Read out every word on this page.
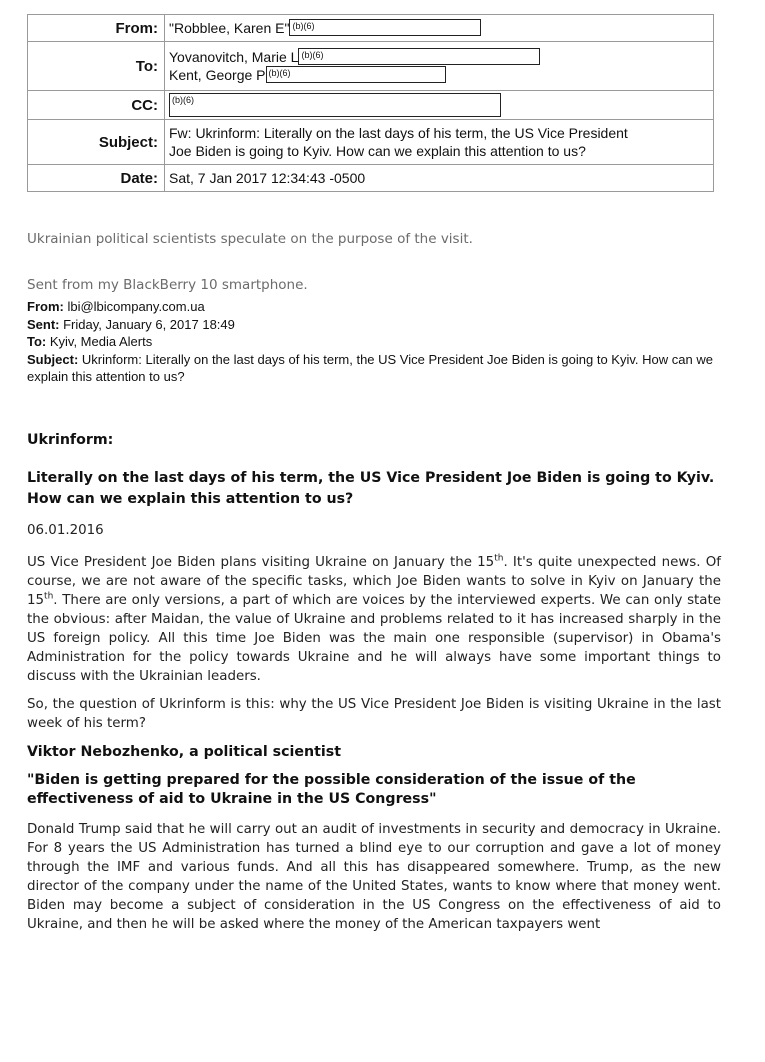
From:	"Robblee, Karen E" (b)(6)
To:	Yovanovitch, Marie L (b)(6)
Kent, George P (b)(6)

CC:	(b)(6)
Subject:	Fw: Ukrinform: Literally on the last days of his term, the US Vice President
Joe Biden is going to Kyiv. How can we explain this attention to us?

Date:	Sat, 7 Jan 2017 12:34:43 -0500
Ukrainian political scientists speculate on the purpose of the visit.
Sent from my BlackBerry 10 smartphone.
From: lbi@lbicompany.com.ua
Sent: Friday, January 6, 2017 18:49
To: Kyiv, Media Alerts
Subject: Ukrinform: Literally on the last days of his term, the US Vice President Joe Biden is going to Kyiv. How can we explain this attention to us?
Ukrinform:
Literally on the last days of his term, the US Vice President Joe Biden is going to Kyiv. How can we explain this attention to us?
06.01.2016

US Vice President Joe Biden plans visiting Ukraine on January the 15th. It's quite unexpected news. Of course, we are not aware of the specific tasks, which Joe Biden wants to solve in Kyiv on January the 15th. There are only versions, a part of which are voices by the interviewed experts. We can only state the obvious: after Maidan, the value of Ukraine and problems related to it has increased sharply in the US foreign policy. All this time Joe Biden was the main one responsible (supervisor) in Obama's Administration for the policy towards Ukraine and he will always have some important things to discuss with the Ukrainian leaders.

So, the question of Ukrinform is this: why the US Vice President Joe Biden is visiting Ukraine in the last week of his term?

Viktor Nebozhenko, a political scientist
"Biden is getting prepared for the possible consideration of the issue of the effectiveness of aid to Ukraine in the US Congress"

Donald Trump said that he will carry out an audit of investments in security and democracy in Ukraine. For 8 years the US Administration has turned a blind eye to our corruption and gave a lot of money through the IMF and various funds. And all this has disappeared somewhere. Trump, as the new director of the company under the name of the United States, wants to know where that money went. Biden may become a subject of consideration in the US Congress on the effectiveness of aid to Ukraine, and then he will be asked where the money of the American taxpayers went
